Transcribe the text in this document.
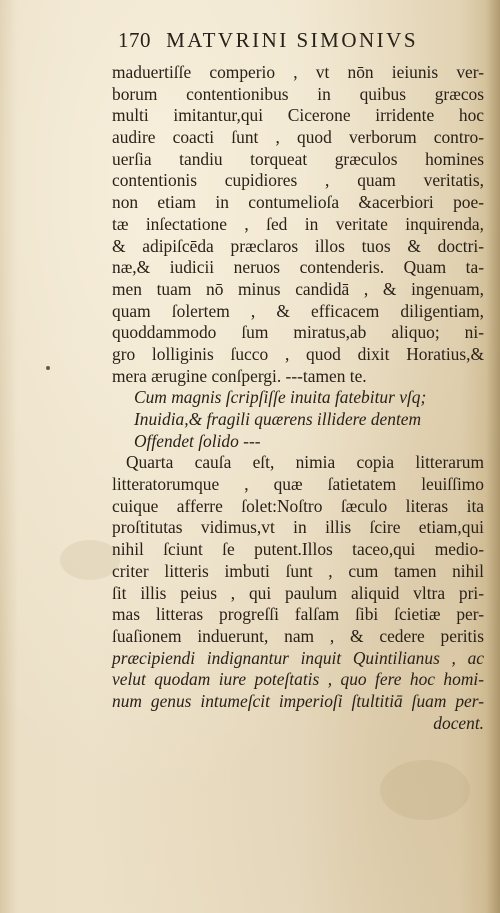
170 MATVRINI SIMONIVS
maduertiſſe comperio , vt nōn ieiunis ver-
borum contentionibus in quibus græcos
multi imitantur,qui Cicerone irridente hoc
audire coacti ſunt , quod verborum contro-
uerſia tandiu torqueat græculos homines
contentionis cupidiores , quam veritatis,
non etiam in contumelioſa &acerbiori poe-
tæ inſectatione , ſed in veritate inquirenda,
& adipiſcēda præclaros illos tuos & doctri-
næ,& iudicii neruos contenderis. Quam ta-
men tuam nō minus candidā , & ingenuam,
quam ſolertem , & efficacem diligentiam,
quoddammodo ſum miratus,ab aliquo; ni-
gro lolliginis ſucco , quod dixit Horatius,&
mera ærugine conſpergi. ---tamen te.
Cum magnis ſcripſiſſe inuita fatebitur vſq;
Inuidia,& fragili quærens illidere dentem
Offendet ſolido ---
Quarta cauſa eſt, nimia copia litterarum
litteratorumque , quæ ſatietatem leuiſſimo
cuique afferre ſolet:Noſtro ſæculo literas ita
proſtitutas vidimus,vt in illis ſcire etiam,qui
nihil ſciunt ſe putent.Illos taceo,qui medio-
criter litteris imbuti ſunt , cum tamen nihil
ſit illis peius , qui paulum aliquid vltra pri-
mas litteras progreſſi falſam ſibi ſcietiæ per-
ſuaſionem induerunt, nam , & cedere peritis
præcipiendi indignantur inquit Quintilianus , ac
velut quodam iure poteſtatis , quo fere hoc homi-
num genus intumeſcit imperioſi ſtultitiā ſuam per-
docent.
